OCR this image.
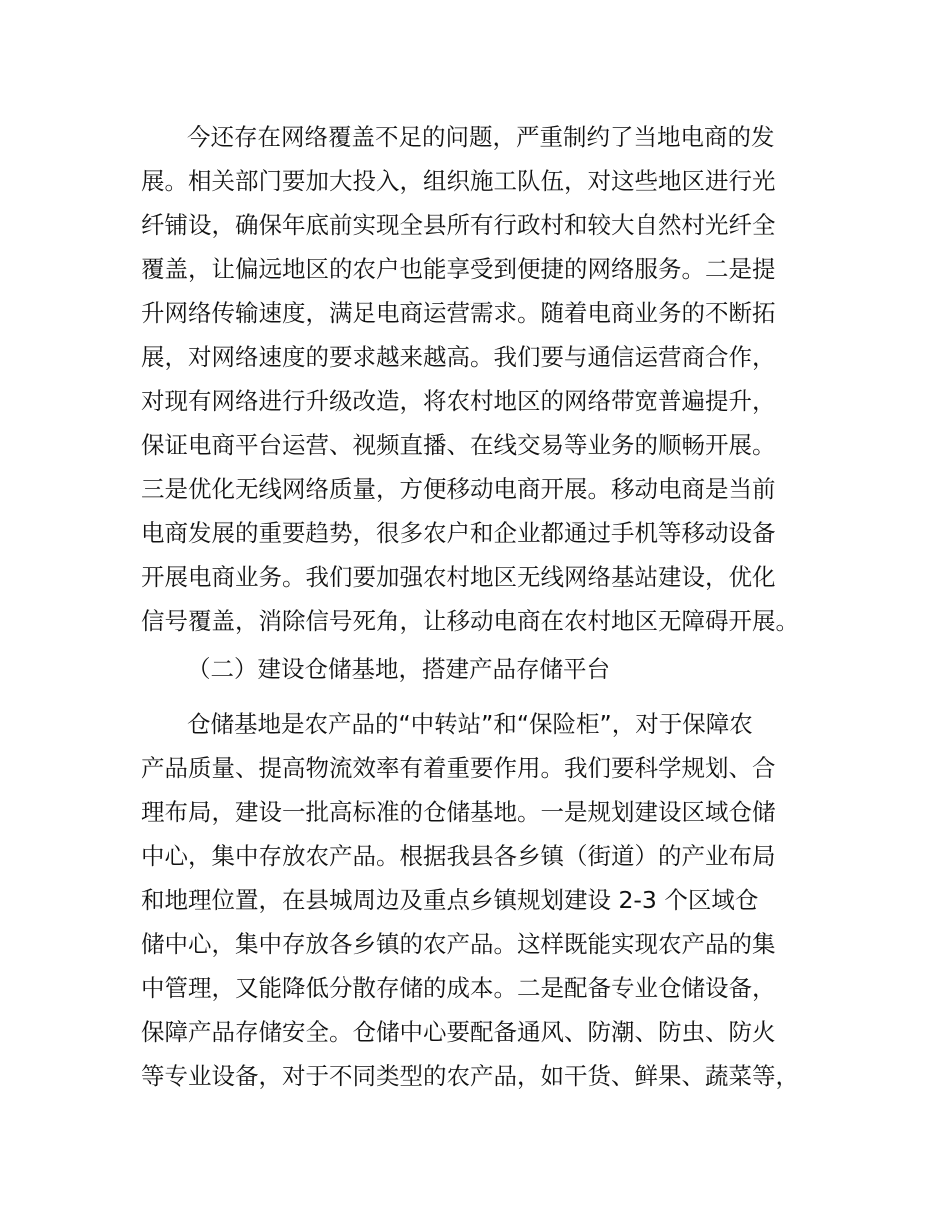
今还存在网络覆盖不足的问题，严重制约了当地电商的发
展。相关部门要加大投入，组织施工队伍，对这些地区进行光
纤铺设，确保年底前实现全县所有行政村和较大自然村光纤全
覆盖，让偏远地区的农户也能享受到便捷的网络服务。二是提
升网络传输速度，满足电商运营需求。随着电商业务的不断拓
展，对网络速度的要求越来越高。我们要与通信运营商合作，
对现有网络进行升级改造，将农村地区的网络带宽普遍提升，
保证电商平台运营、视频直播、在线交易等业务的顺畅开展。
三是优化无线网络质量，方便移动电商开展。移动电商是当前
电商发展的重要趋势，很多农户和企业都通过手机等移动设备
开展电商业务。我们要加强农村地区无线网络基站建设，优化
信号覆盖，消除信号死角，让移动电商在农村地区无障碍开展。
（二）建设仓储基地，搭建产品存储平台
仓储基地是农产品的“中转站”和“保险柜”，对于保障农
产品质量、提高物流效率有着重要作用。我们要科学规划、合
理布局，建设一批高标准的仓储基地。一是规划建设区域仓储
中心，集中存放农产品。根据我县各乡镇（街道）的产业布局
和地理位置，在县城周边及重点乡镇规划建设 2-3 个区域仓
储中心，集中存放各乡镇的农产品。这样既能实现农产品的集
中管理，又能降低分散存储的成本。二是配备专业仓储设备，
保障产品存储安全。仓储中心要配备通风、防潮、防虫、防火
等专业设备，对于不同类型的农产品，如干货、鲜果、蔬菜等，
